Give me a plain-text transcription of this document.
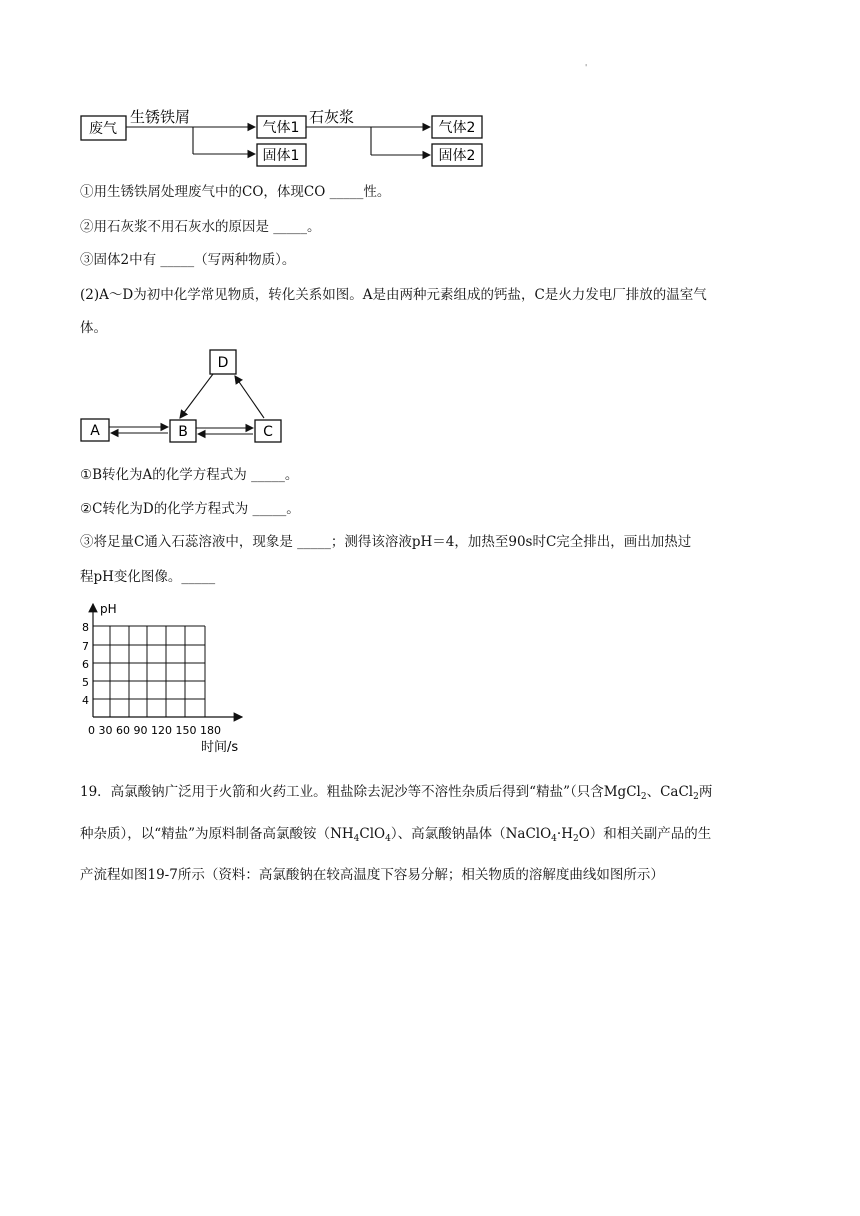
'
废气
生锈铁屑
气体1
固体1
石灰浆
气体2
固体2
①用生锈铁屑处理废气中的CO，体现CO _____性。
②用石灰浆不用石灰水的原因是 _____。
③固体2中有 _____（写两种物质）。
(2)A～D为初中化学常见物质，转化关系如图。A是由两种元素组成的钙盐，C是火力发电厂排放的温室气
体。
D
A	B	C
①B转化为A的化学方程式为 _____。
②C转化为D的化学方程式为 _____。
③将足量C通入石蕊溶液中，现象是 _____；测得该溶液pH＝4，加热至90s时C完全排出，画出加热过
程pH变化图像。_____
pH
8
7
6
5
4
0 30 60 90 120 150 180
时间/s
19．高氯酸钠广泛用于火箭和火药工业。粗盐除去泥沙等不溶性杂质后得到“精盐”（只含MgCl$_2$、CaCl$_2$两
种杂质），以“精盐”为原料制备高氯酸铵$(NH_4ClO_4)$、高氯酸钠晶体$(NaClO_4\cdot H_2O)$和相关副产品的生
产流程如图19-7所示（资料：高氯酸钠在较高温度下容易分解；相关物质的溶解度曲线如图所示）
